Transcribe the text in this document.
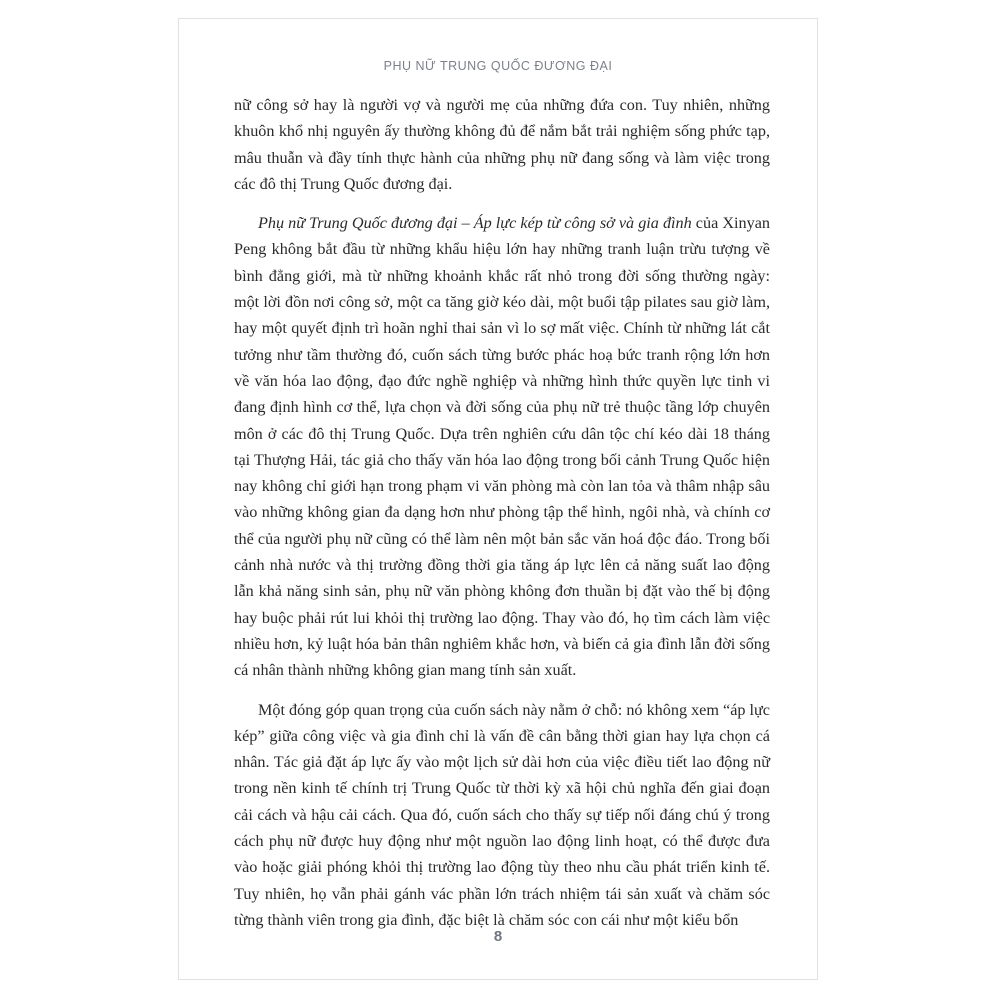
PHỤ NỮ TRUNG QUỐC ĐƯƠNG ĐẠI

nữ công sở hay là người vợ và người mẹ của những đứa con. Tuy nhiên, những khuôn khổ nhị nguyên ấy thường không đủ để nắm bắt trải nghiệm sống phức tạp, mâu thuẫn và đầy tính thực hành của những phụ nữ đang sống và làm việc trong các đô thị Trung Quốc đương đại.

Phụ nữ Trung Quốc đương đại – Áp lực kép từ công sở và gia đình của Xinyan Peng không bắt đầu từ những khẩu hiệu lớn hay những tranh luận trừu tượng về bình đẳng giới, mà từ những khoảnh khắc rất nhỏ trong đời sống thường ngày: một lời đồn nơi công sở, một ca tăng giờ kéo dài, một buổi tập pilates sau giờ làm, hay một quyết định trì hoãn nghỉ thai sản vì lo sợ mất việc. Chính từ những lát cắt tưởng như tầm thường đó, cuốn sách từng bước phác hoạ bức tranh rộng lớn hơn về văn hóa lao động, đạo đức nghề nghiệp và những hình thức quyền lực tinh vi đang định hình cơ thể, lựa chọn và đời sống của phụ nữ trẻ thuộc tầng lớp chuyên môn ở các đô thị Trung Quốc. Dựa trên nghiên cứu dân tộc chí kéo dài 18 tháng tại Thượng Hải, tác giả cho thấy văn hóa lao động trong bối cảnh Trung Quốc hiện nay không chỉ giới hạn trong phạm vi văn phòng mà còn lan tỏa và thâm nhập sâu vào những không gian đa dạng hơn như phòng tập thể hình, ngôi nhà, và chính cơ thể của người phụ nữ cũng có thể làm nên một bản sắc văn hoá độc đáo. Trong bối cảnh nhà nước và thị trường đồng thời gia tăng áp lực lên cả năng suất lao động lẫn khả năng sinh sản, phụ nữ văn phòng không đơn thuần bị đặt vào thế bị động hay buộc phải rút lui khỏi thị trường lao động. Thay vào đó, họ tìm cách làm việc nhiều hơn, kỷ luật hóa bản thân nghiêm khắc hơn, và biến cả gia đình lẫn đời sống cá nhân thành những không gian mang tính sản xuất.

Một đóng góp quan trọng của cuốn sách này nằm ở chỗ: nó không xem “áp lực kép” giữa công việc và gia đình chỉ là vấn đề cân bằng thời gian hay lựa chọn cá nhân. Tác giả đặt áp lực ấy vào một lịch sử dài hơn của việc điều tiết lao động nữ trong nền kinh tế chính trị Trung Quốc từ thời kỳ xã hội chủ nghĩa đến giai đoạn cải cách và hậu cải cách. Qua đó, cuốn sách cho thấy sự tiếp nối đáng chú ý trong cách phụ nữ được huy động như một nguồn lao động linh hoạt, có thể được đưa vào hoặc giải phóng khỏi thị trường lao động tùy theo nhu cầu phát triển kinh tế. Tuy nhiên, họ vẫn phải gánh vác phần lớn trách nhiệm tái sản xuất và chăm sóc từng thành viên trong gia đình, đặc biệt là chăm sóc con cái như một kiểu bổn

8
